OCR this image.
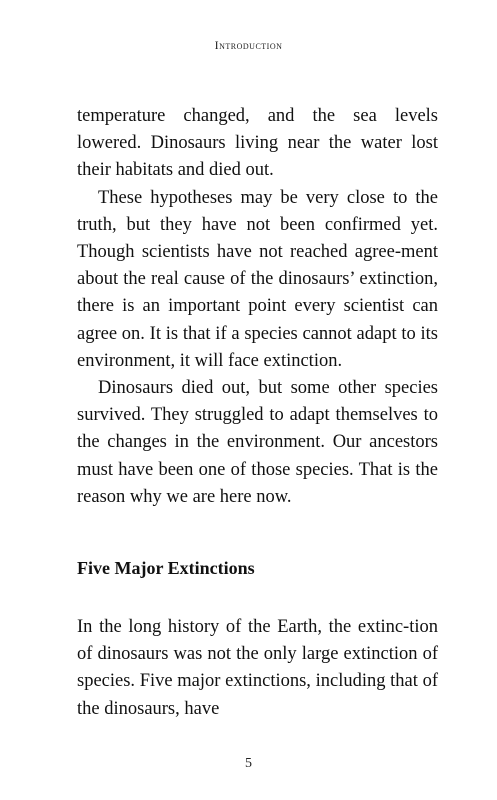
Introduction

temperature changed, and the sea levels lowered. Dinosaurs living near the water lost their habitats and died out.

These hypotheses may be very close to the truth, but they have not been confirmed yet. Though scientists have not reached agree-ment about the real cause of the dinosaurs’ extinction, there is an important point every scientist can agree on. It is that if a species cannot adapt to its environment, it will face extinction.

Dinosaurs died out, but some other species survived. They struggled to adapt themselves to the changes in the environment. Our ancestors must have been one of those species. That is the reason why we are here now.

Five Major Extinctions

In the long history of the Earth, the extinc-tion of dinosaurs was not the only large extinction of species. Five major extinctions, including that of the dinosaurs, have

5
